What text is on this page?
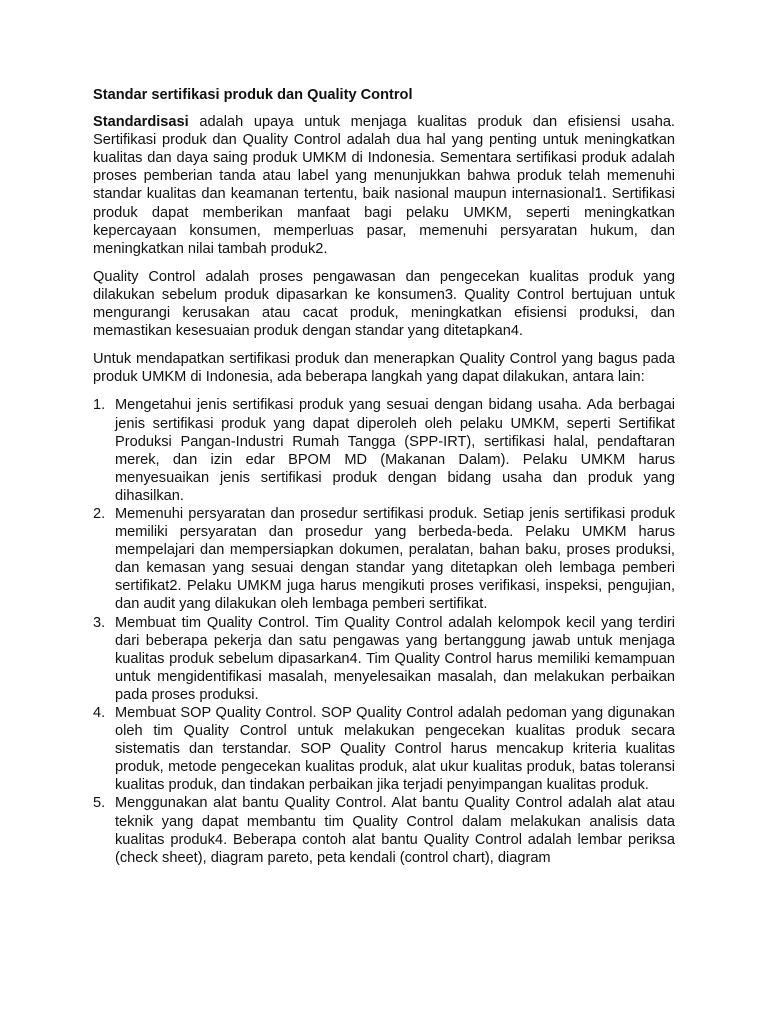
Standar sertifikasi produk dan Quality Control

Standardisasi adalah upaya untuk menjaga kualitas produk dan efisiensi usaha. Sertifikasi produk dan Quality Control adalah dua hal yang penting untuk meningkatkan kualitas dan daya saing produk UMKM di Indonesia. Sementara sertifikasi produk adalah proses pemberian tanda atau label yang menunjukkan bahwa produk telah memenuhi standar kualitas dan keamanan tertentu, baik nasional maupun internasional1. Sertifikasi produk dapat memberikan manfaat bagi pelaku UMKM, seperti meningkatkan kepercayaan konsumen, memperluas pasar, memenuhi persyaratan hukum, dan meningkatkan nilai tambah produk2.

Quality Control adalah proses pengawasan dan pengecekan kualitas produk yang dilakukan sebelum produk dipasarkan ke konsumen3. Quality Control bertujuan untuk mengurangi kerusakan atau cacat produk, meningkatkan efisiensi produksi, dan memastikan kesesuaian produk dengan standar yang ditetapkan4.

Untuk mendapatkan sertifikasi produk dan menerapkan Quality Control yang bagus pada produk UMKM di Indonesia, ada beberapa langkah yang dapat dilakukan, antara lain:

1. Mengetahui jenis sertifikasi produk yang sesuai dengan bidang usaha. Ada berbagai jenis sertifikasi produk yang dapat diperoleh oleh pelaku UMKM, seperti Sertifikat Produksi Pangan-Industri Rumah Tangga (SPP-IRT), sertifikasi halal, pendaftaran merek, dan izin edar BPOM MD (Makanan Dalam). Pelaku UMKM harus menyesuaikan jenis sertifikasi produk dengan bidang usaha dan produk yang dihasilkan.
2. Memenuhi persyaratan dan prosedur sertifikasi produk. Setiap jenis sertifikasi produk memiliki persyaratan dan prosedur yang berbeda-beda. Pelaku UMKM harus mempelajari dan mempersiapkan dokumen, peralatan, bahan baku, proses produksi, dan kemasan yang sesuai dengan standar yang ditetapkan oleh lembaga pemberi sertifikat2. Pelaku UMKM juga harus mengikuti proses verifikasi, inspeksi, pengujian, dan audit yang dilakukan oleh lembaga pemberi sertifikat.
3. Membuat tim Quality Control. Tim Quality Control adalah kelompok kecil yang terdiri dari beberapa pekerja dan satu pengawas yang bertanggung jawab untuk menjaga kualitas produk sebelum dipasarkan4. Tim Quality Control harus memiliki kemampuan untuk mengidentifikasi masalah, menyelesaikan masalah, dan melakukan perbaikan pada proses produksi.
4. Membuat SOP Quality Control. SOP Quality Control adalah pedoman yang digunakan oleh tim Quality Control untuk melakukan pengecekan kualitas produk secara sistematis dan terstandar. SOP Quality Control harus mencakup kriteria kualitas produk, metode pengecekan kualitas produk, alat ukur kualitas produk, batas toleransi kualitas produk, dan tindakan perbaikan jika terjadi penyimpangan kualitas produk.
5. Menggunakan alat bantu Quality Control. Alat bantu Quality Control adalah alat atau teknik yang dapat membantu tim Quality Control dalam melakukan analisis data kualitas produk4. Beberapa contoh alat bantu Quality Control adalah lembar periksa (check sheet), diagram pareto, peta kendali (control chart), diagram
